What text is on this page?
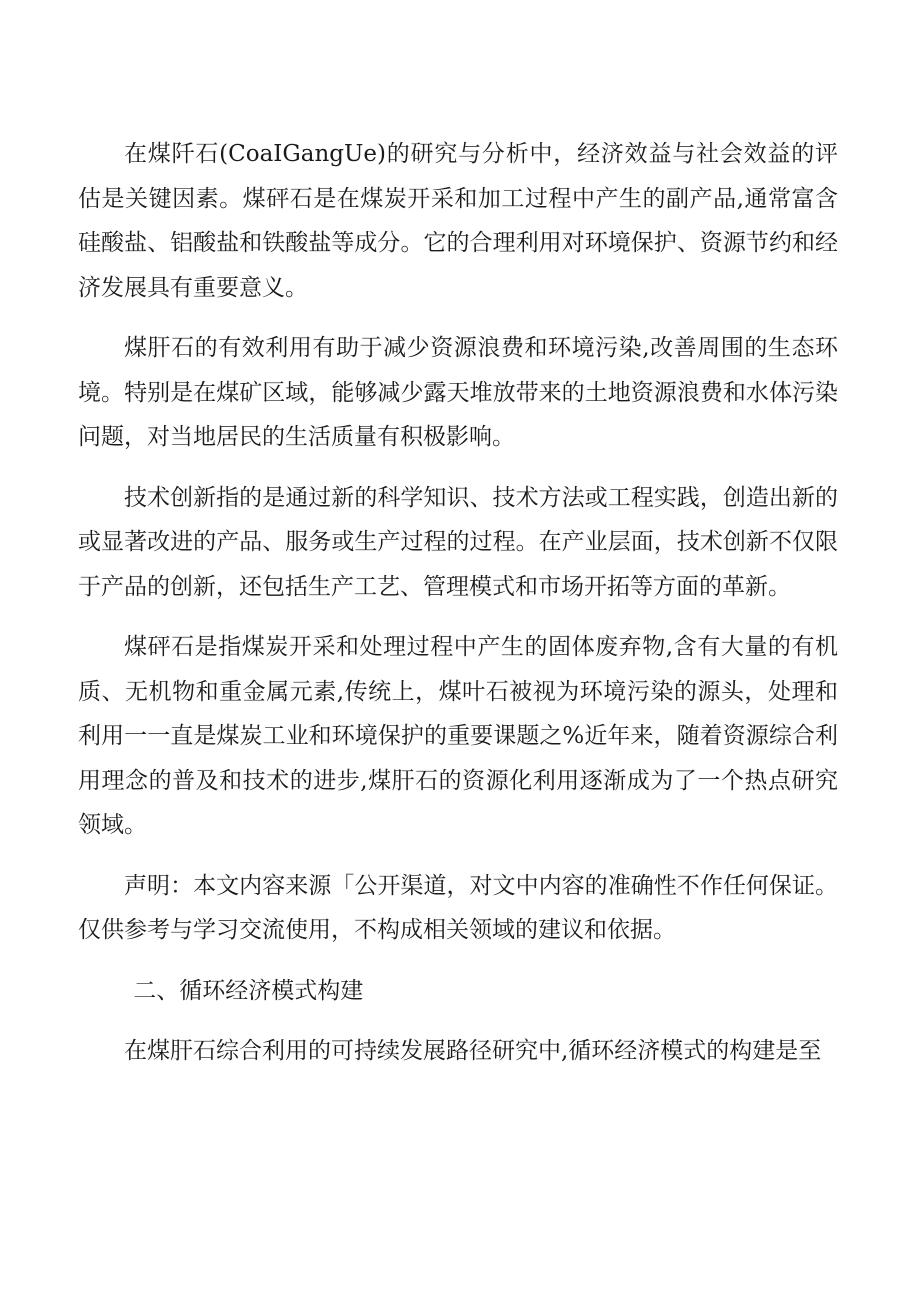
在煤阡石(CoaIGangUe)的研究与分析中，经济效益与社会效益的评估是关键因素。煤砰石是在煤炭开采和加工过程中产生的副产品,通常富含硅酸盐、铝酸盐和铁酸盐等成分。它的合理利用对环境保护、资源节约和经济发展具有重要意义。

煤肝石的有效利用有助于减少资源浪费和环境污染,改善周围的生态环境。特别是在煤矿区域，能够减少露天堆放带来的土地资源浪费和水体污染问题，对当地居民的生活质量有积极影响。

技术创新指的是通过新的科学知识、技术方法或工程实践，创造出新的或显著改进的产品、服务或生产过程的过程。在产业层面，技术创新不仅限于产品的创新，还包括生产工艺、管理模式和市场开拓等方面的革新。

煤砰石是指煤炭开采和处理过程中产生的固体废弃物,含有大量的有机质、无机物和重金属元素,传统上，煤叶石被视为环境污染的源头，处理和利用一一直是煤炭工业和环境保护的重要课题之%近年来，随着资源综合利用理念的普及和技术的进步,煤肝石的资源化利用逐渐成为了一个热点研究领域。

声明：本文内容来源「公开渠道，对文中内容的准确性不作任何保证。仅供参考与学习交流使用，不构成相关领域的建议和依据。

二、循环经济模式构建

在煤肝石综合利用的可持续发展路径研究中,循环经济模式的构建是至
